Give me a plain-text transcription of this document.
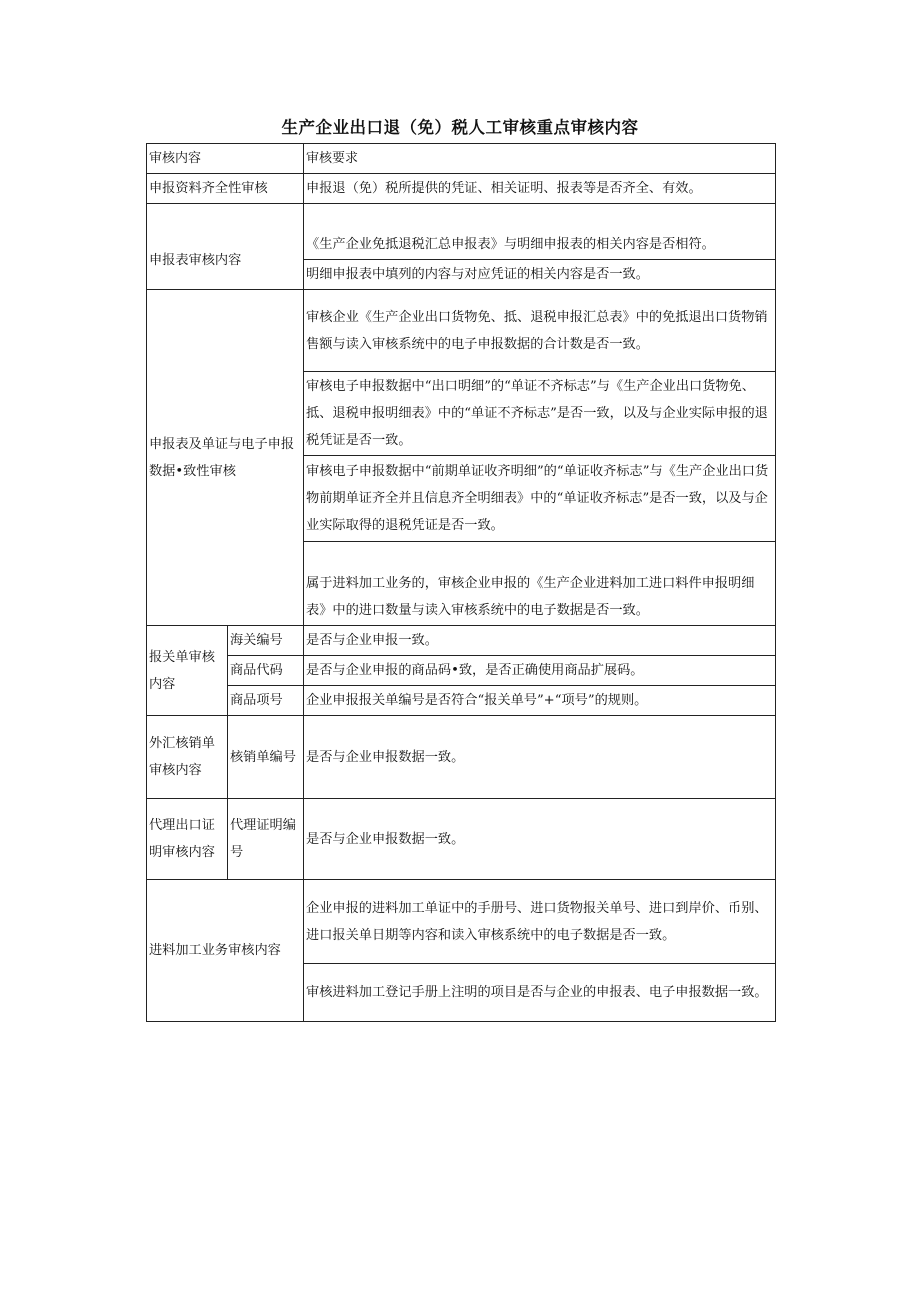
生产企业出口退（免）税人工审核重点审核内容
审核内容		审核要求
申报资料齐全性审核		申报退（免）税所提供的凭证、相关证明、报表等是否齐全、有效。
申报表审核内容		《生产企业免抵退税汇总申报表》与明细申报表的相关内容是否相符。
		明细申报表中填列的内容与对应凭证的相关内容是否一致。
申报表及单证与电子申报数据•致性审核		审核企业《生产企业出口货物免、抵、退税申报汇总表》中的免抵退出口货物销售额与读入审核系统中的电子申报数据的合计数是否一致。
		审核电子申报数据中“出口明细”的“单证不齐标志”与《生产企业出口货物免、抵、退税申报明细表》中的“单证不齐标志”是否一致，以及与企业实际申报的退税凭证是否一致。
		审核电子申报数据中“前期单证收齐明细”的“单证收齐标志”与《生产企业出口货物前期单证齐全并且信息齐全明细表》中的“单证收齐标志”是否一致，以及与企业实际取得的退税凭证是否一致。
		属于进料加工业务的，审核企业申报的《生产企业进料加工进口料件申报明细表》中的进口数量与读入审核系统中的电子数据是否一致。
报关单审核内容	海关编号	是否与企业申报一致。
	商品代码	是否与企业申报的商品码•致，是否正确使用商品扩展码。
	商品项号	企业申报报关单编号是否符合“报关单号”+“项号”的规则。
外汇核销单审核内容	核销单编号	是否与企业申报数据一致。
代理出口证明审核内容	代理证明编号	是否与企业申报数据一致。
进料加工业务审核内容		企业申报的进料加工单证中的手册号、进口货物报关单号、进口到岸价、币别、进口报关单日期等内容和读入审核系统中的电子数据是否一致。
		审核进料加工登记手册上注明的项目是否与企业的申报表、电子申报数据一致。
